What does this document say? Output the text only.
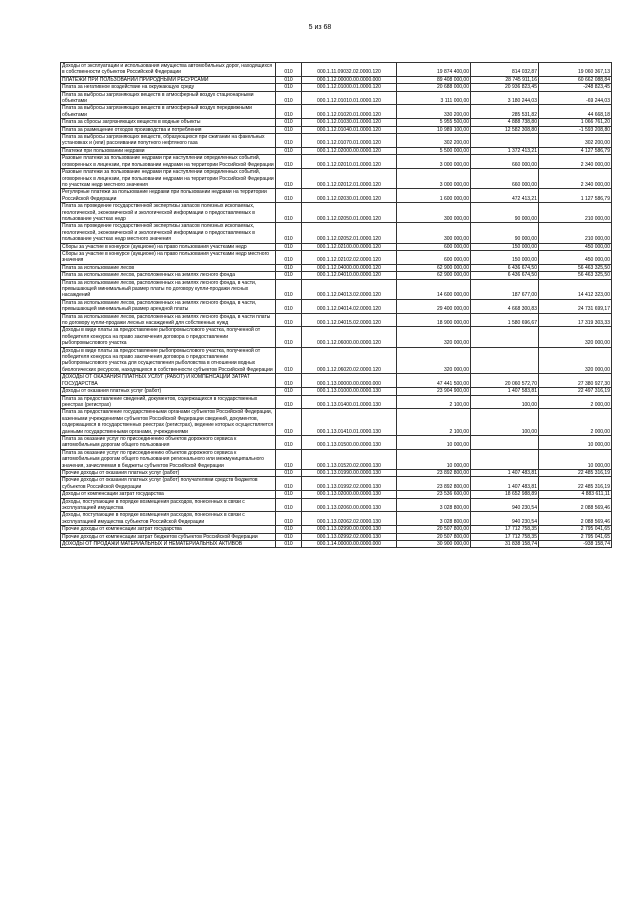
5 из 68
Доходы от эксплуатации и использования имущества автомобильных дорог, находящихся в собственности субъектов Российской Федерации	010	000.1.11.09032.02.0000.120	19 874 400,00	814 032,87	19 060 367,13
ПЛАТЕЖИ ПРИ ПОЛЬЗОВАНИИ ПРИРОДНЫМИ РЕСУРСАМИ	010	000.1.12.00000.00.0000.000	89 408 000,00	28 745 911,16	60 662 088,84
Плата за негативное воздействие на окружающую среду	010	000.1.12.01000.01.0000.120	20 688 000,00	20 936 823,45	-248 823,45
Плата за выбросы загрязняющих веществ в атмосферный воздух стационарными объектами	010	000.1.12.01010.01.0000.120	3 111 000,00	3 180 244,03	-69 244,03
Плата за выбросы загрязняющих веществ в атмосферный воздух передвижными объектами	010	000.1.12.01020.01.0000.120	330 200,00	285 531,82	44 668,18
Плата за сбросы загрязняющих веществ в водные объекты	010	000.1.12.01030.01.0000.120	5 955 500,00	4 888 738,80	1 066 761,20
Плата за размещение отходов производства и потребления	010	000.1.12.01040.01.0000.120	10 989 100,00	12 582 308,80	-1 593 208,80
Плата за выбросы загрязняющих веществ, образующихся при сжигании на факельных установках и (или) рассеивании попутного нефтяного газа	010	000.1.12.01070.01.0000.120	302 200,00		302 200,00
Платежи при пользовании недрами	010	000.1.12.02000.00.0000.120	5 500 000,00	1 372 413,21	4 127 586,79
Разовые платежи за пользование недрами при наступлении определенных событий, оговоренных в лицензии, при пользовании недрами на территории Российской Федерации	010	000.1.12.02010.01.0000.120	3 000 000,00	660 000,00	2 340 000,00
Разовые платежи за пользование недрами при наступлении определенных событий, оговоренных в лицензии, при пользовании недрами на территории Российской Федерации по участкам недр местного значения	010	000.1.12.02012.01.0000.120	3 000 000,00	660 000,00	2 340 000,00
Регулярные платежи за пользование недрами при пользовании недрами на территории Российской Федерации	010	000.1.12.02030.01.0000.120	1 600 000,00	472 413,21	1 127 586,79
Плата за проведение государственной экспертизы запасов полезных ископаемых, геологической, экономической и экологической информации о предоставляемых в пользование участках недр	010	000.1.12.02050.01.0000.120	300 000,00	90 000,00	210 000,00
Плата за проведение государственной экспертизы запасов полезных ископаемых, геологической, экономической и экологической информации о предоставляемых в пользование участках недр местного значения	010	000.1.12.02052.01.0000.120	300 000,00	90 000,00	210 000,00
Сборы за участие в конкурсе (аукционе) на право пользования участками недр	010	000.1.12.02100.00.0000.120	600 000,00	150 000,00	450 000,00
Сборы за участие в конкурсе (аукционе) на право пользования участками недр местного значения	010	000.1.12.02102.02.0000.120	600 000,00	150 000,00	450 000,00
Плата за использование лесов	010	000.1.12.04000.00.0000.120	62 900 000,00	6 436 674,50	56 463 325,50
Плата за использование лесов, расположенных на землях лесного фонда	010	000.1.12.04010.00.0000.120	62 900 000,00	6 436 674,50	56 463 325,50
Плата за использование лесов, расположенных на землях лесного фонда, в части, превышающей минимальный размер платы по договору купли-продажи лесных насаждений	010	000.1.12.04013.02.0000.120	14 600 000,00	187 677,00	14 412 323,00
Плата за использование лесов, расположенных на землях лесного фонда, в части, превышающей минимальный размер арендной платы	010	000.1.12.04014.02.0000.120	29 400 000,00	4 668 300,83	24 731 699,17
Плата за использование лесов, расположенных на землях лесного фонда, в части платы по договору купли-продажи лесных насаждений для собственных нужд	010	000.1.12.04015.02.0000.120	18 900 000,00	1 580 696,67	17 319 303,33
Доходы в виде платы за предоставление рыбопромыслового участка, полученной от победителя конкурса на право заключения договора о предоставлении рыбопромыслового участка	010	000.1.12.06000.00.0000.120	320 000,00		320 000,00
Доходы в виде платы за предоставление рыбопромыслового участка, полученной от победителя конкурса на право заключения договора о предоставлении рыбопромыслового участка для осуществления рыболовства в отношении водных биологических ресурсов, находящихся в собственности субъектов Российской Федерации	010	000.1.12.06020.02.0000.120	320 000,00		320 000,00
ДОХОДЫ ОТ ОКАЗАНИЯ ПЛАТНЫХ УСЛУГ (РАБОТ) И КОМПЕНСАЦИИ ЗАТРАТ ГОСУДАРСТВА	010	000.1.13.00000.00.0000.000	47 441 500,00	20 060 572,70	27 380 927,30
Доходы от оказания платных услуг (работ)	010	000.1.13.01000.00.0000.130	23 904 900,00	1 407 583,81	22 497 316,19
Плата за предоставление сведений, документов, содержащихся в государственных реестрах (регистрах)	010	000.1.13.01400.01.0000.130	2 100,00	100,00	2 000,00
Плата за предоставление государственными органами субъектов Российской Федерации, казенными учреждениями субъектов Российской Федерации сведений, документов, содержащихся в государственных реестрах (регистрах), ведение которых осуществляется данными государственными органами, учреждениями	010	000.1.13.01410.01.0000.130	2 100,00	100,00	2 000,00
Плата за оказание услуг по присоединению объектов дорожного сервиса к автомобильным дорогам общего пользования	010	000.1.13.01500.00.0000.130	10 000,00		10 000,00
Плата за оказание услуг по присоединению объектов дорожного сервиса к автомобильным дорогам общего пользования регионального или межмуниципального значения, зачисляемая в бюджеты субъектов Российской Федерации	010	000.1.13.01520.02.0000.130	10 000,00		10 000,00
Прочие доходы от оказания платных услуг (работ)	010	000.1.13.01990.00.0000.130	23 892 800,00	1 407 483,81	22 485 316,19
Прочие доходы от оказания платных услуг (работ) получателями средств бюджетов субъектов Российской Федерации	010	000.1.13.01992.02.0000.130	23 892 800,00	1 407 483,81	22 485 316,19
Доходы от компенсации затрат государства	010	000.1.13.02000.00.0000.130	23 536 600,00	18 652 988,89	4 883 611,11
Доходы, поступающие в порядке возмещения расходов, понесенных в связи с эксплуатацией имущества	010	000.1.13.02060.00.0000.130	3 028 800,00	940 230,54	2 088 569,46
Доходы, поступающие в порядке возмещения расходов, понесенных в связи с эксплуатацией имущества субъектов Российской Федерации	010	000.1.13.02062.02.0000.130	3 028 800,00	940 230,54	2 088 569,46
Прочие доходы от компенсации затрат государства	010	000.1.13.02990.00.0000.130	20 507 800,00	17 712 758,35	2 795 041,65
Прочие доходы от компенсации затрат бюджетов субъектов Российской Федерации	010	000.1.13.02992.02.0000.130	20 507 800,00	17 712 758,35	2 795 041,65
ДОХОДЫ ОТ ПРОДАЖИ МАТЕРИАЛЬНЫХ И НЕМАТЕРИАЛЬНЫХ АКТИВОВ	010	000.1.14.00000.00.0000.000	30 900 000,00	31 838 158,74	-938 158,74
